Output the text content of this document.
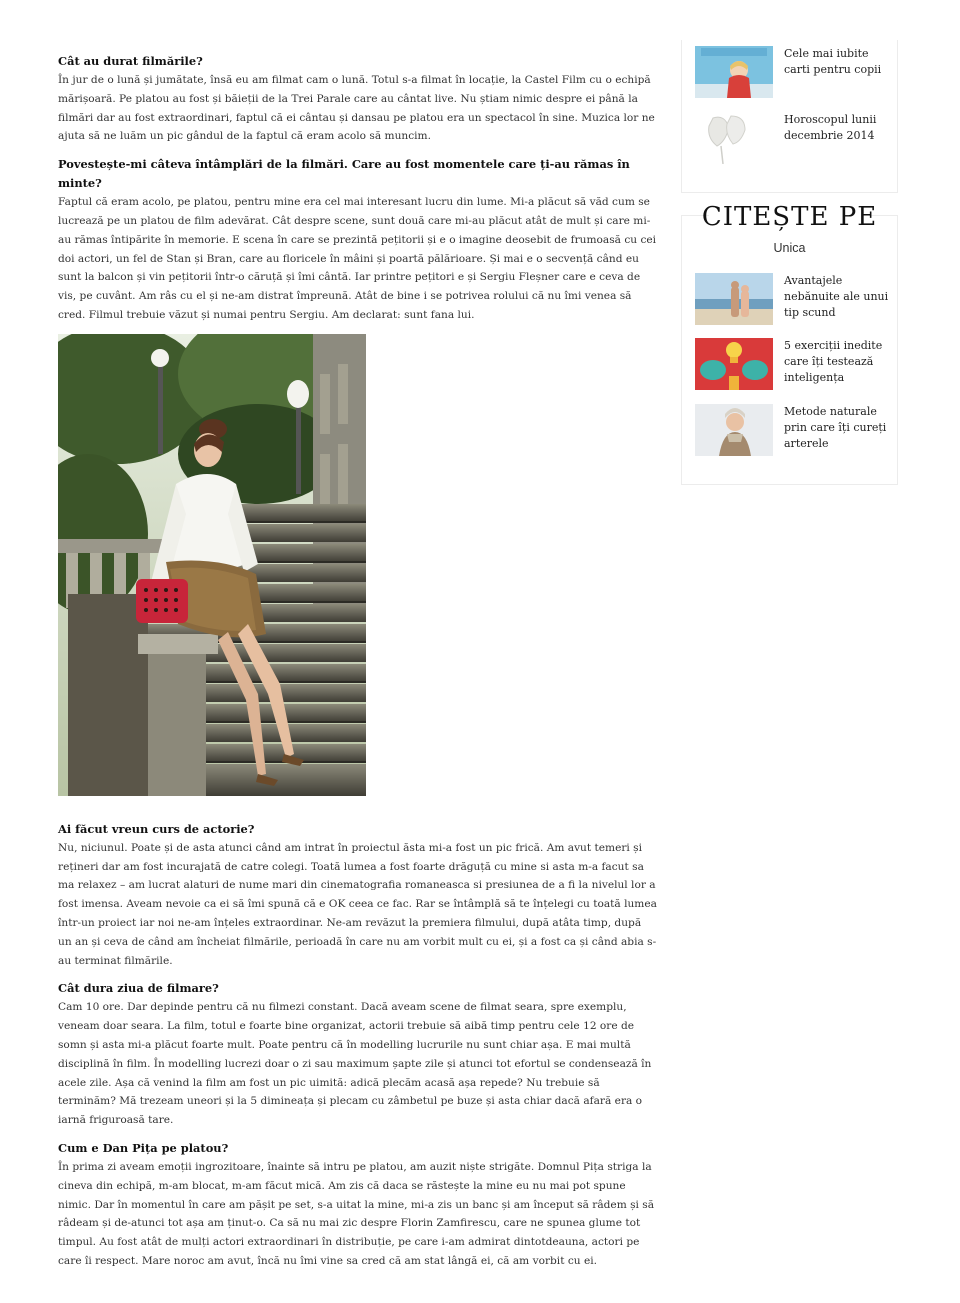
Cât au durat filmările?

În jur de o lună și jumătate, însă eu am filmat cam o lună. Totul s-a filmat în locație, la Castel Film cu o echipă mărișoară. Pe platou au fost și băieții de la Trei Parale care au cântat live. Nu știam nimic despre ei până la filmări dar au fost extraordinari, faptul că ei cântau și dansau pe platou era un spectacol în sine. Muzica lor ne ajuta să ne luăm un pic gândul de la faptul că eram acolo să muncim.

Povestește-mi câteva întâmplări de la filmări. Care au fost momentele care ți-au rămas în minte?

Faptul că eram acolo, pe platou, pentru mine era cel mai interesant lucru din lume. Mi-a plăcut să văd cum se lucrează pe un platou de film adevărat. Cât despre scene, sunt două care mi-au plăcut atât de mult și care mi-au rămas întipărite în memorie. E scena în care se prezintă pețitorii și e o imagine deosebit de frumoasă cu cei doi actori, un fel de Stan și Bran, care au floricele în mâini și poartă pălărioare. Și mai e o secvență când eu sunt la balcon și vin pețitorii într-o căruță și îmi cântă. Iar printre pețitori e și Sergiu Fleșner care e ceva de vis, pe cuvânt. Am râs cu el și ne-am distrat împreună. Atât de bine i se potrivea rolului că nu îmi venea să cred. Filmul trebuie văzut și numai pentru Sergiu. Am declarat: sunt fana lui.

Ai făcut vreun curs de actorie?

Nu, niciunul. Poate și de asta atunci când am intrat în proiectul ăsta mi-a fost un pic frică. Am avut temeri și rețineri dar am fost incurajată de catre colegi. Toată lumea a fost foarte drăguță cu mine si asta m-a facut sa ma relaxez – am lucrat alaturi de nume mari din cinematografia romaneasca si presiunea de a fi la nivelul lor a fost imensa. Aveam nevoie ca ei să îmi spună că e OK ceea ce fac. Rar se întâmplă să te înțelegi cu toată lumea într-un proiect iar noi ne-am înțeles extraordinar. Ne-am revăzut la premiera filmului, după atâta timp, după un an și ceva de când am încheiat filmările, perioadă în care nu am vorbit mult cu ei, și a fost ca și când abia s-au terminat filmările.

Cât dura ziua de filmare?

Cam 10 ore. Dar depinde pentru că nu filmezi constant. Dacă aveam scene de filmat seara, spre exemplu, veneam doar seara. La film, totul e foarte bine organizat, actorii trebuie să aibă timp pentru cele 12 ore de somn și asta mi-a plăcut foarte mult. Poate pentru că în modelling lucrurile nu sunt chiar așa. E mai multă disciplină în film. În modelling lucrezi doar o zi sau maximum șapte zile și atunci tot efortul se condensează în acele zile. Așa că venind la film am fost un pic uimită: adică plecăm acasă așa repede? Nu trebuie să terminăm? Mă trezeam uneori și la 5 dimineața și plecam cu zâmbetul pe buze și asta chiar dacă afară era o iarnă friguroasă tare.

Cum e Dan Pița pe platou?

În prima zi aveam emoții ingrozitoare, înainte să intru pe platou, am auzit niște strigăte. Domnul Pița striga la cineva din echipă, m-am blocat, m-am făcut mică. Am zis că daca se răstește la mine eu nu mai pot spune nimic. Dar în momentul în care am pășit pe set, s-a uitat la mine, mi-a zis un banc și am început să râdem și să râdeam și de-atunci tot așa am ținut-o. Ca să nu mai zic despre Florin Zamfirescu, care ne spunea glume tot timpul. Au fost atât de mulți actori extraordinari în distribuție, pe care i-am admirat dintotdeauna, actori pe care îi respect. Mare noroc am avut, încă nu îmi vine sa cred că am stat lângă ei, că am vorbit cu ei.

Cele mai iubite carti pentru copii
Horoscopul lunii decembrie 2014
CITEȘTE PE
Unica
Avantajele nebănuite ale unui tip scund
5 exerciții inedite care îți testează inteligența
Metode naturale prin care îți cureți arterele
